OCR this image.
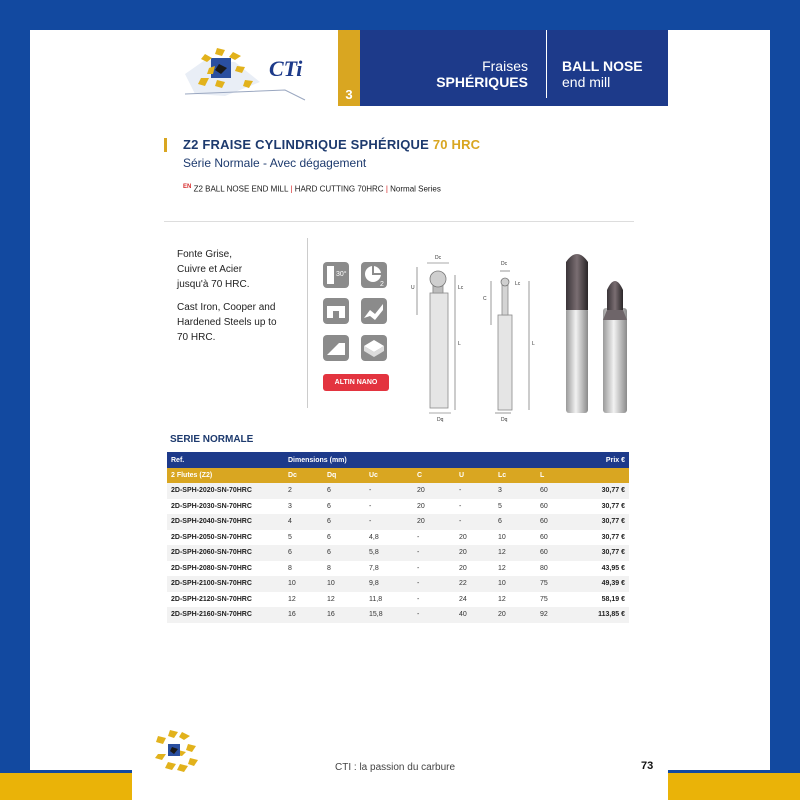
CTi
3
Fraises
SPHÉRIQUES
BALL NOSE
end mill
Z2 FRAISE CYLINDRIQUE SPHÉRIQUE 70 HRC
Série Normale - Avec dégagement
$^{EN}$ Z2 BALL NOSE END MILL | HARD CUTTING 70HRC | Normal Series
Fonte Grise,
Cuivre et Acier
jusqu'à 70 HRC.
Cast Iron, Cooper and
Hardened Steels up to
70 HRC.
30°
2
ALTIN NANO
Dc
U	Lc
L
Dq
Dc
C
Lc
L
Dq
SERIE NORMALE
Ref.	Dimensions (mm)							Prix €
2 Flutes (Z2)	Dc	Dq	Uc	C	U	Lc	L	
2D-SPH-2020-SN-70HRC	2	6	-	20	-	3	60	30,77 €
2D-SPH-2030-SN-70HRC	3	6	-	20	-	5	60	30,77 €
2D-SPH-2040-SN-70HRC	4	6	-	20	-	6	60	30,77 €
2D-SPH-2050-SN-70HRC	5	6	4,8	-	20	10	60	30,77 €
2D-SPH-2060-SN-70HRC	6	6	5,8	-	20	12	60	30,77 €
2D-SPH-2080-SN-70HRC	8	8	7,8	-	20	12	80	43,95 €
2D-SPH-2100-SN-70HRC	10	10	9,8	-	22	10	75	49,39 €
2D-SPH-2120-SN-70HRC	12	12	11,8	-	24	12	75	58,19 €
2D-SPH-2160-SN-70HRC	16	16	15,8	-	40	20	92	113,85 €
CTI : la passion du carbure	73
